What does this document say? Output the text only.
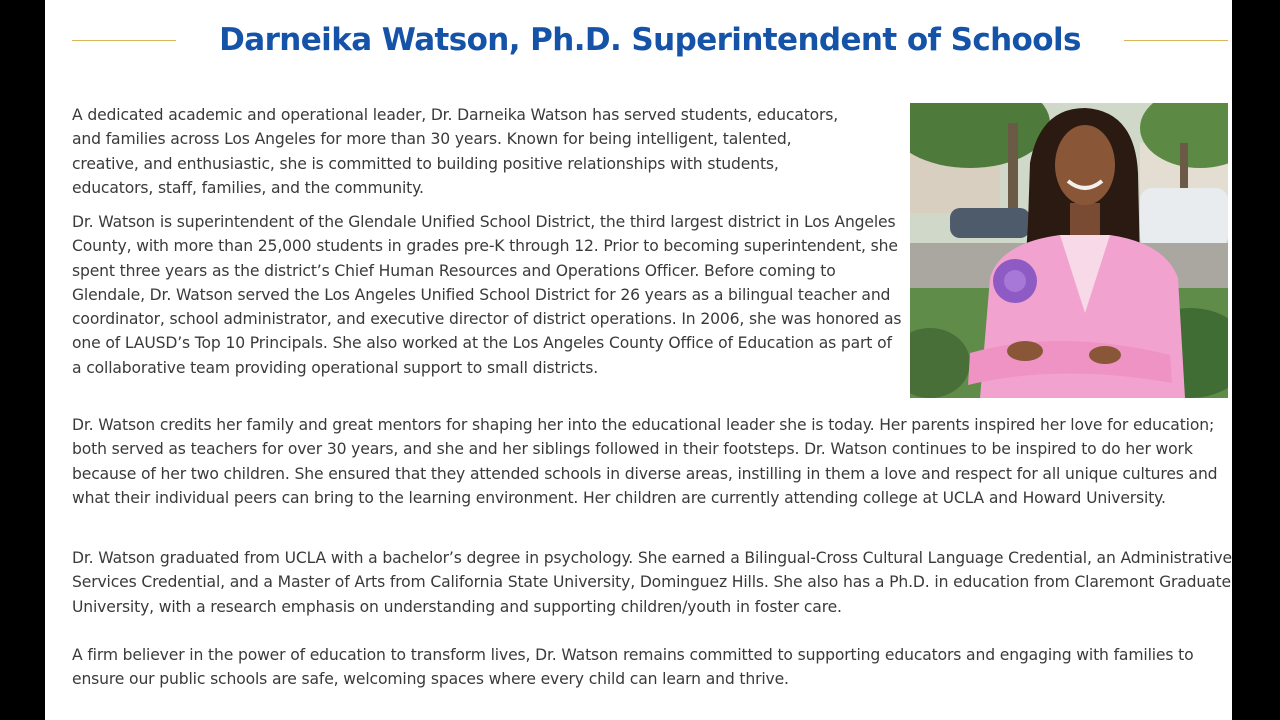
Darneika Watson, Ph.D. Superintendent of Schools

A dedicated academic and operational leader, Dr. Darneika Watson has served students, educators, and families across Los Angeles for more than 30 years. Known for being intelligent, talented, creative, and enthusiastic, she is committed to building positive relationships with students, educators, staff, families, and the community.

Dr. Watson is superintendent of the Glendale Unified School District, the third largest district in Los Angeles County, with more than 25,000 students in grades pre-K through 12. Prior to becoming superintendent, she spent three years as the district’s Chief Human Resources and Operations Officer. Before coming to Glendale, Dr. Watson served the Los Angeles Unified School District for 26 years as a bilingual teacher and coordinator, school administrator, and executive director of district operations. In 2006, she was honored as one of LAUSD’s Top 10 Principals. She also worked at the Los Angeles County Office of Education as part of a collaborative team providing operational support to small districts.

Dr. Watson credits her family and great mentors for shaping her into the educational leader she is today. Her parents inspired her love for education; both served as teachers for over 30 years, and she and her siblings followed in their footsteps. Dr. Watson continues to be inspired to do her work because of her two children. She ensured that they attended schools in diverse areas, instilling in them a love and respect for all unique cultures and what their individual peers can bring to the learning environment. Her children are currently attending college at UCLA and Howard University.

Dr. Watson graduated from UCLA with a bachelor’s degree in psychology. She earned a Bilingual-Cross Cultural Language Credential, an Administrative Services Credential, and a Master of Arts from California State University, Dominguez Hills. She also has a Ph.D. in education from Claremont Graduate University, with a research emphasis on understanding and supporting children/youth in foster care.

A firm believer in the power of education to transform lives, Dr. Watson remains committed to supporting educators and engaging with families to ensure our public schools are safe, welcoming spaces where every child can learn and thrive.
